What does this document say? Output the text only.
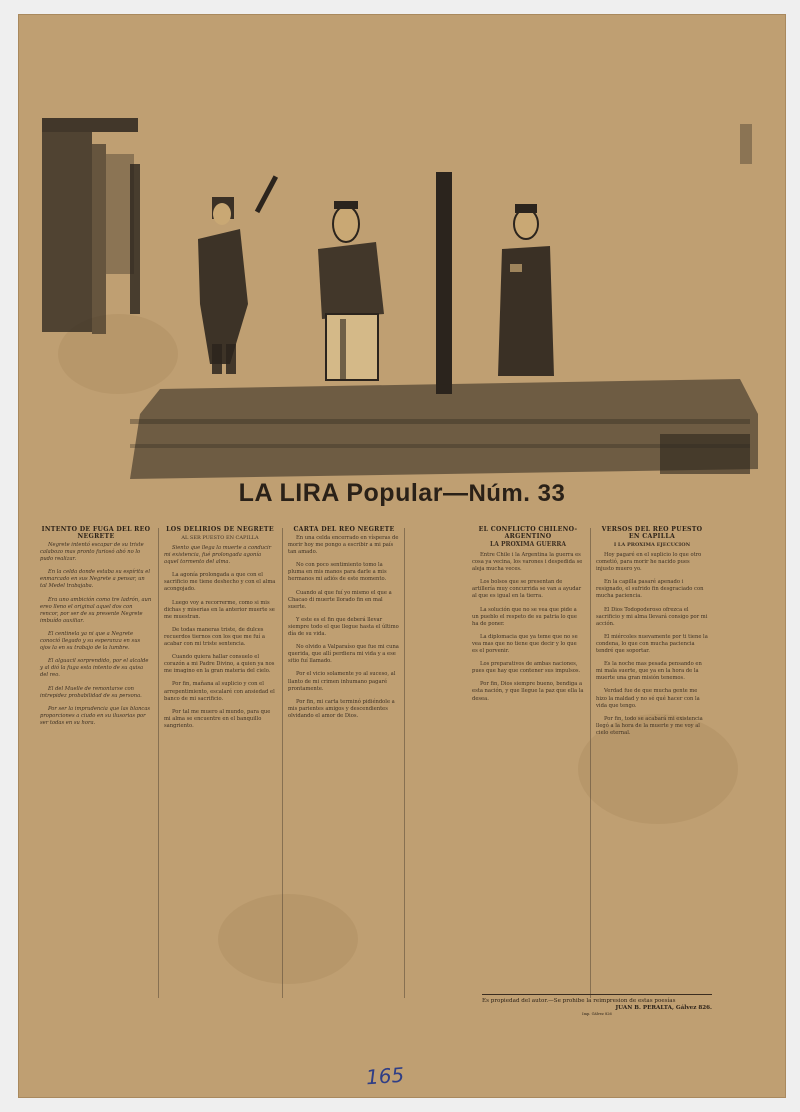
LA LIRA Popular—Núm. 33
INTENTO DE FUGA DEL REO NEGRETE

Negrete intentó escapar de su triste calabozo mas pronto furiosó abó no lo pudo realizar.

En la celda donde estaba su espíritu el enmarcado en sus Negrete a pensar, un tal Medel trabajaba.

Era uno ambición como tre ladrón, aun ereo lleno el original aquel dos con rencor, por ser de su presente Negrete imbuído auxiliar.

El centinela ya ni que a Negrete conoció llegado y su esperanza en sus ojos la en su trabajo de la lumbre.

El alguacil sorprendido, por el alcalde y al dió la fuga esta intento de su quisa del reo.

El del Muelle de remontarse con intrepidez probabilidad de su persona.

Por ser la imprudencia que las blancas proporciones a ciudo en su ilusorias por ser todas en su hora.

LOS DELIRIOS DE NEGRETE
AL SER PUESTO EN CAPILLA

Siento que llega la muerte a conducir mi existencia, fué prolongada agonía aquel tormento del alma.

La agonía prolongada a que con el sacrificio me tiene deshecho y con el alma acongojado.

Luego voy a recorrerme, como si mis dichas y miserias en la anterior muerte se me muestran.

De todas maneras triste, de dulces recuerdos tiernos con los que me fuí a acabar con mi triste sentencia.

Cuando quiera hallar consuelo el corazón a mi Padre Divino, a quien ya nos me imagino en la gran materia del cielo.

Por fin, mañana al suplicio y con el arrepentimiento, escalaré con ansiedad el banco de mi sacrificio.

Por tal me muero al mundo, para que mi alma se encuentre en el banquillo sangriento.

CARTA DEL REO NEGRETE

En una celda encerrado en vísperas de morir hoy me pongo a escribir a mi país tan amado.

No con poco sentimiento tomo la pluma en mis manos para darle a mis hermanos mi adiós de este momento.

Cuando al que fuí yo mismo el que a Chacao di muerte llorado fin en mal suerte.

Y este es el fin que deberá llevar siempre todo el que llegue hasta el último día de su vida.

No olvido a Valparaíso que fue mi cuna querida, que allí perdiera mi vida y a ese sitio fuí llamado.

Por el vicio solamente yo al suceso, al llanto de mi crimen inhumano pagaré prontamente.

Por fin, mi carta terminó pidiéndole a mis parientes amigos y descendientes olvidando el amor de Dios.

EL CONFLICTO CHILENO-ARGENTINO
LA PROXIMA GUERRA

Entre Chile i la Argentina la guerra es cosa ya vecina, los varones i despedida se aleja mucha veces.

Los bolsos que se presentan de artillería muy concurrida se van a ayudar al que es igual en la tierra.

La solución que no se vea que pide a un pueblo el respeto de su patria lo que ha de poner.

La diplomacia que ya teme que no se vea mas que no tiene que decir y lo que es el porvenir.

Los preparativos de ambas naciones, pues que hay que contener sus impulsos.

Por fin, Dios siempre bueno, bendiga a esta nación, y que llegue la paz que ella la desea.

VERSOS DEL REO PUESTO EN CAPILLA
I LA PROXIMA EJECUCION

Hoy pagaré en el suplicio lo que otro cometió, para morir he nacido pues injusto muero yo.

En la capilla pasaré apenado i resignado, el sufrido fin desgraciado con mucha paciencia.

El Dios Todopoderoso ofrezca el sacrificio y mi alma llevará consigo por mi acción.

El miércoles nuevamente por ti tiene la condena, lo que con mucha paciencia tendré que soportar.

Es la noche mas pesada pensando en mi mala suerte, que ya en la hora de la muerte una gran misión tenemos.

Verdad fue de que mucha gente me hizo la maldad y no sé qué hacer con la vida que tengo.

Por fin, todo se acabará mi existencia llegó a la hora de la muerte y me voy al cielo eternal.

Es propiedad del autor.—Se prohibe la reimpresion de estas poesías
JUAN B. PERALTA, Gálvez 826.
Imp. Gálvez 826
165
